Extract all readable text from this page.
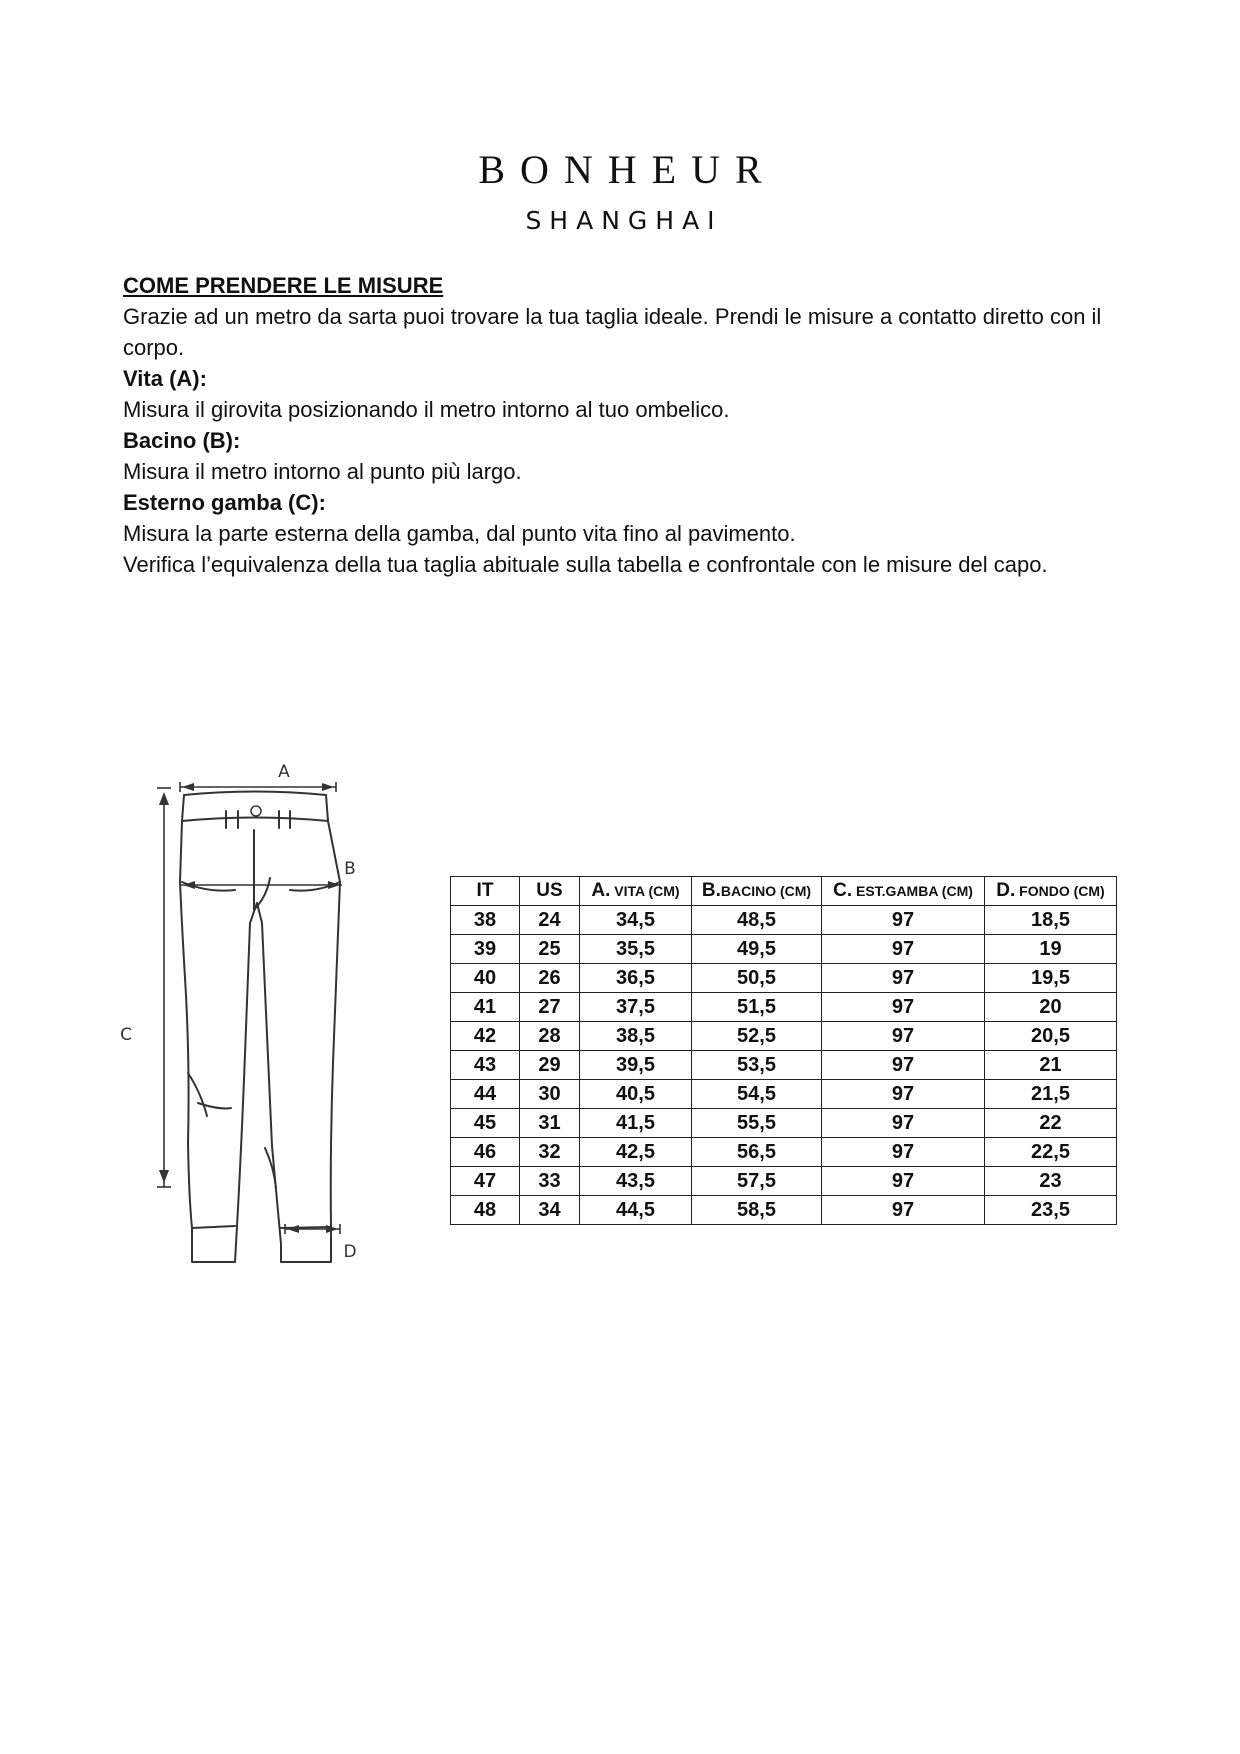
BONHEUR
SHANGHAI

COME PRENDERE LE MISURE

Grazie ad un metro da sarta puoi trovare la tua taglia ideale. Prendi le misure a contatto diretto con il corpo.

Vita (A):

Misura il girovita posizionando il metro intorno al tuo ombelico.

Bacino (B):

Misura il metro intorno al punto più largo.

Esterno gamba (C):

Misura la parte esterna della gamba, dal punto vita fino al pavimento.

Verifica l’equivalenza della tua taglia abituale sulla tabella e confrontale con le misure del capo.

A
B
C
D
IT	US	A. VITA (CM)	B.BACINO (CM)	C. EST.GAMBA (CM)	D. FONDO (CM)
38	24	34,5	48,5	97	18,5
39	25	35,5	49,5	97	19
40	26	36,5	50,5	97	19,5
41	27	37,5	51,5	97	20
42	28	38,5	52,5	97	20,5
43	29	39,5	53,5	97	21
44	30	40,5	54,5	97	21,5
45	31	41,5	55,5	97	22
46	32	42,5	56,5	97	22,5
47	33	43,5	57,5	97	23
48	34	44,5	58,5	97	23,5
